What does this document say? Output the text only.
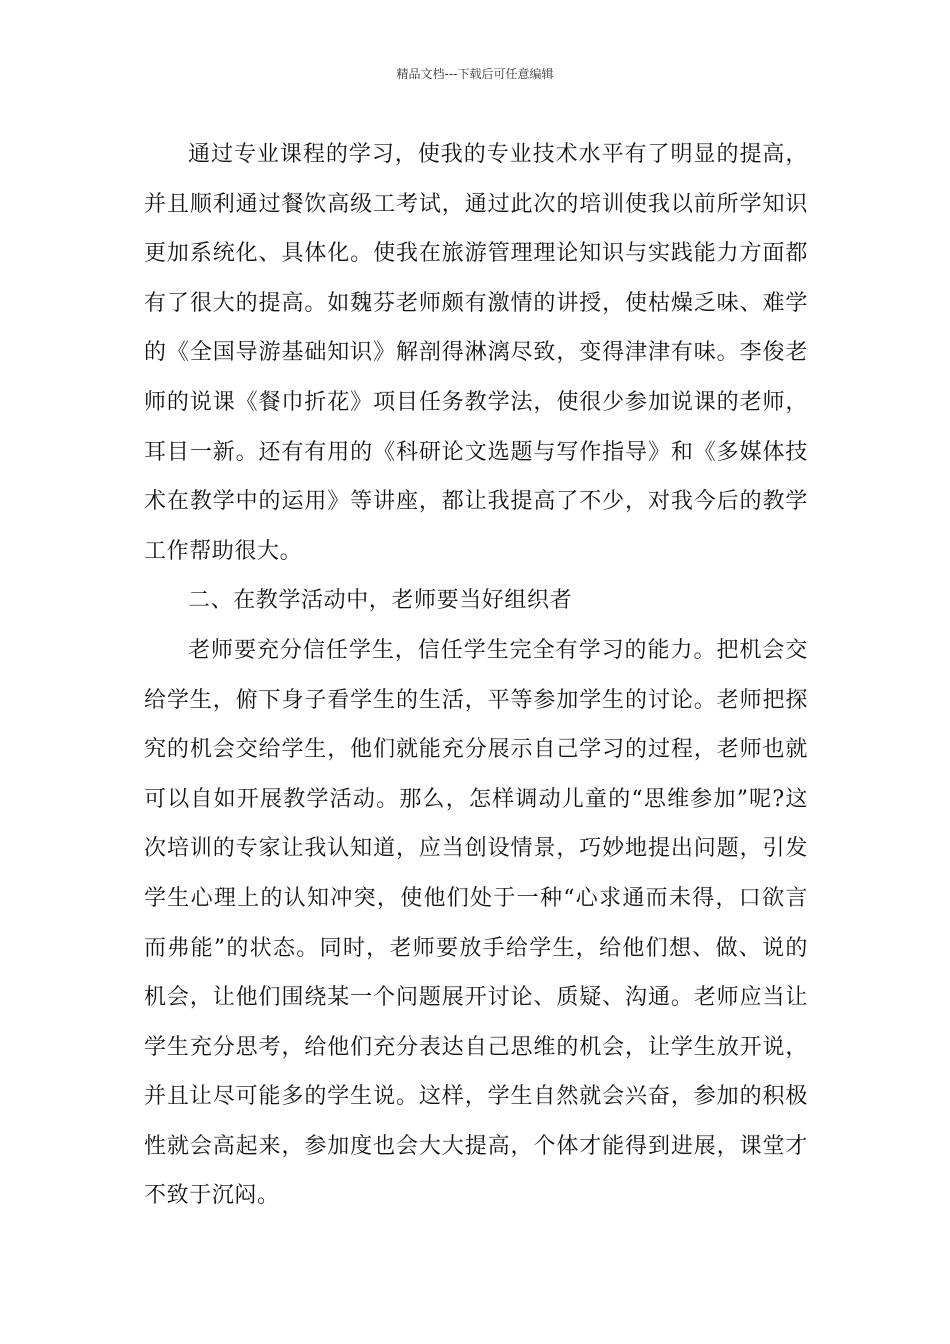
精品文档---下载后可任意编辑

通过专业课程的学习，使我的专业技术水平有了明显的提高，并且顺利通过餐饮高级工考试，通过此次的培训使我以前所学知识更加系统化、具体化。使我在旅游管理理论知识与实践能力方面都有了很大的提高。如魏芬老师颇有激情的讲授，使枯燥乏味、难学的《全国导游基础知识》解剖得淋漓尽致，变得津津有味。李俊老师的说课《餐巾折花》项目任务教学法，使很少参加说课的老师，耳目一新。还有有用的《科研论文选题与写作指导》和《多媒体技术在教学中的运用》等讲座，都让我提高了不少，对我今后的教学工作帮助很大。

二、在教学活动中，老师要当好组织者

老师要充分信任学生，信任学生完全有学习的能力。把机会交给学生，俯下身子看学生的生活，平等参加学生的讨论。老师把探究的机会交给学生，他们就能充分展示自己学习的过程，老师也就可以自如开展教学活动。那么，怎样调动儿童的“思维参加”呢?这次培训的专家让我认知道，应当创设情景，巧妙地提出问题，引发学生心理上的认知冲突，使他们处于一种“心求通而未得，口欲言而弗能”的状态。同时，老师要放手给学生，给他们想、做、说的机会，让他们围绕某一个问题展开讨论、质疑、沟通。老师应当让学生充分思考，给他们充分表达自己思维的机会，让学生放开说，并且让尽可能多的学生说。这样，学生自然就会兴奋，参加的积极性就会高起来，参加度也会大大提高，个体才能得到进展，课堂才不致于沉闷。
